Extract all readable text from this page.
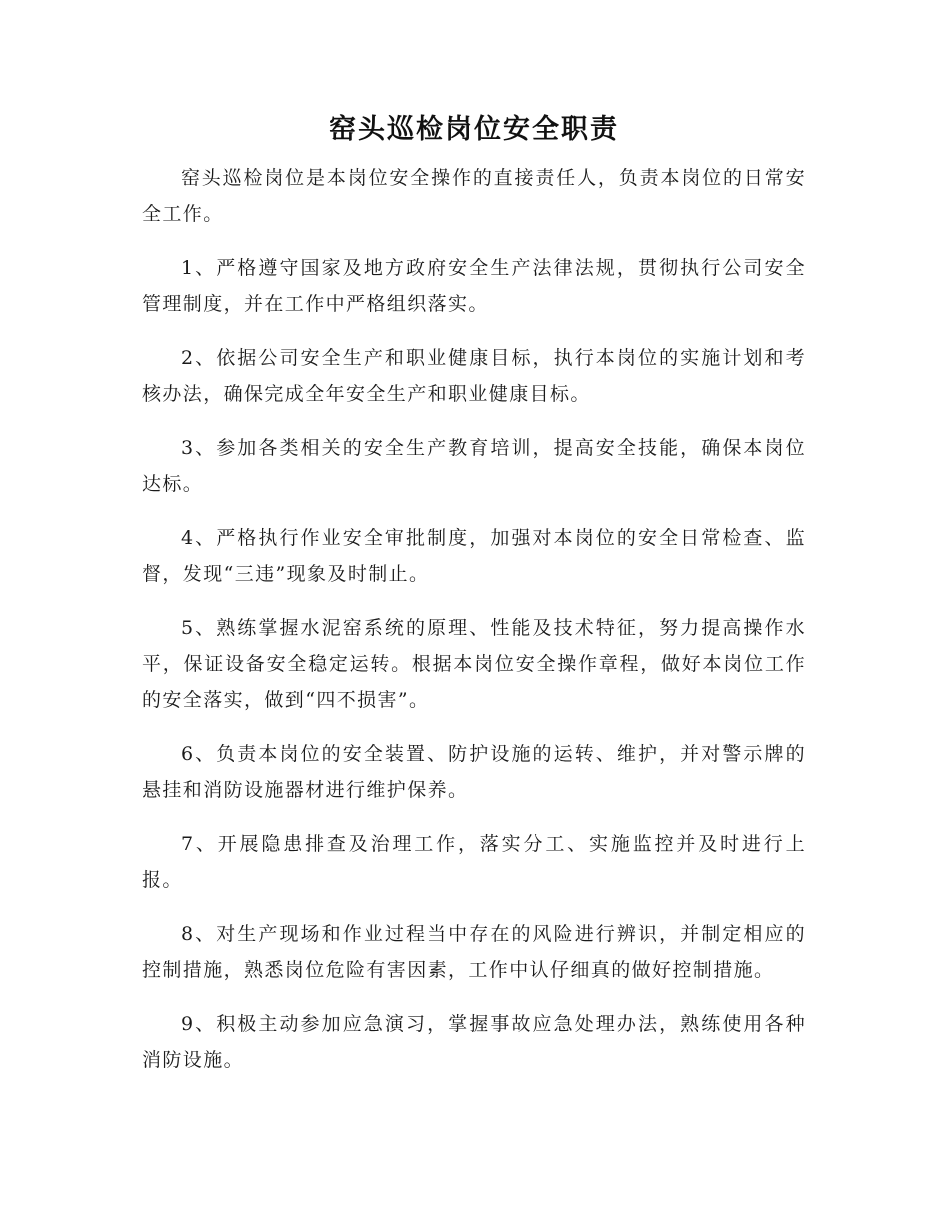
窑头巡检岗位安全职责

窑头巡检岗位是本岗位安全操作的直接责任人，负责本岗位的日常安全工作。

1、严格遵守国家及地方政府安全生产法律法规，贯彻执行公司安全管理制度，并在工作中严格组织落实。

2、依据公司安全生产和职业健康目标，执行本岗位的实施计划和考核办法，确保完成全年安全生产和职业健康目标。

3、参加各类相关的安全生产教育培训，提高安全技能，确保本岗位达标。

4、严格执行作业安全审批制度，加强对本岗位的安全日常检查、监督，发现“三违”现象及时制止。

5、熟练掌握水泥窑系统的原理、性能及技术特征，努力提高操作水平，保证设备安全稳定运转。根据本岗位安全操作章程，做好本岗位工作的安全落实，做到“四不损害”。

6、负责本岗位的安全装置、防护设施的运转、维护，并对警示牌的悬挂和消防设施器材进行维护保养。

7、开展隐患排查及治理工作，落实分工、实施监控并及时进行上报。

8、对生产现场和作业过程当中存在的风险进行辨识，并制定相应的控制措施，熟悉岗位危险有害因素，工作中认仔细真的做好控制措施。

9、积极主动参加应急演习，掌握事故应急处理办法，熟练使用各种消防设施。
